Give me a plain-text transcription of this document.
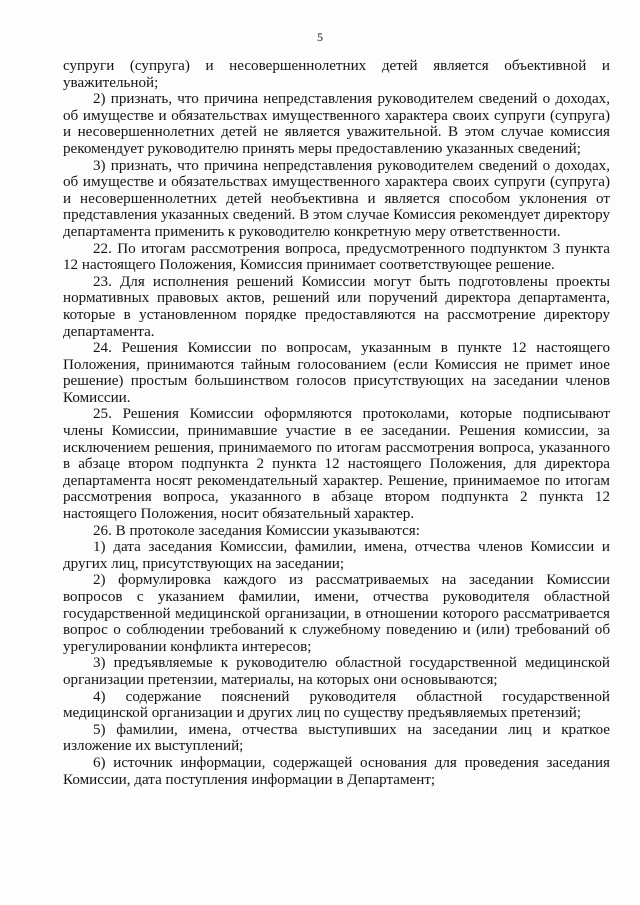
5

супруги (супруга) и несовершеннолетних детей является объективной и уважительной;

2) признать, что причина непредставления руководителем сведений о доходах, об имуществе и обязательствах имущественного характера своих супруги (супруга) и несовершеннолетних детей не является уважительной. В этом случае комиссия рекомендует руководителю принять меры предоставлению указанных сведений;

3) признать, что причина непредставления руководителем сведений о доходах, об имуществе и обязательствах имущественного характера своих супруги (супруга) и несовершеннолетних детей необъективна и является способом уклонения от представления указанных сведений. В этом случае Комиссия рекомендует директору департамента применить к руководителю конкретную меру ответственности.

22. По итогам рассмотрения вопроса, предусмотренного подпунктом 3 пункта 12 настоящего Положения, Комиссия принимает соответствующее решение.

23. Для исполнения решений Комиссии могут быть подготовлены проекты нормативных правовых актов, решений или поручений директора департамента, которые в установленном порядке предоставляются на рассмотрение директору департамента.

24. Решения Комиссии по вопросам, указанным в пункте 12 настоящего Положения, принимаются тайным голосованием (если Комиссия не примет иное решение) простым большинством голосов присутствующих на заседании членов Комиссии.

25. Решения Комиссии оформляются протоколами, которые подписывают члены Комиссии, принимавшие участие в ее заседании. Решения комиссии, за исключением решения, принимаемого по итогам рассмотрения вопроса, указанного в абзаце втором подпункта 2 пункта 12 настоящего Положения, для директора департамента носят рекомендательный характер. Решение, принимаемое по итогам рассмотрения вопроса, указанного в абзаце втором подпункта 2 пункта 12 настоящего Положения, носит обязательный характер.

26. В протоколе заседания Комиссии указываются:

1) дата заседания Комиссии, фамилии, имена, отчества членов Комиссии и других лиц, присутствующих на заседании;

2) формулировка каждого из рассматриваемых на заседании Комиссии вопросов с указанием фамилии, имени, отчества руководителя областной государственной медицинской организации, в отношении которого рассматривается вопрос о соблюдении требований к служебному поведению и (или) требований об урегулировании конфликта интересов;

3) предъявляемые к руководителю областной государственной медицинской организации претензии, материалы, на которых они основываются;

4) содержание пояснений руководителя областной государственной медицинской организации и других лиц по существу предъявляемых претензий;

5) фамилии, имена, отчества выступивших на заседании лиц и краткое изложение их выступлений;

6) источник информации, содержащей основания для проведения заседания Комиссии, дата поступления информации в Департамент;
